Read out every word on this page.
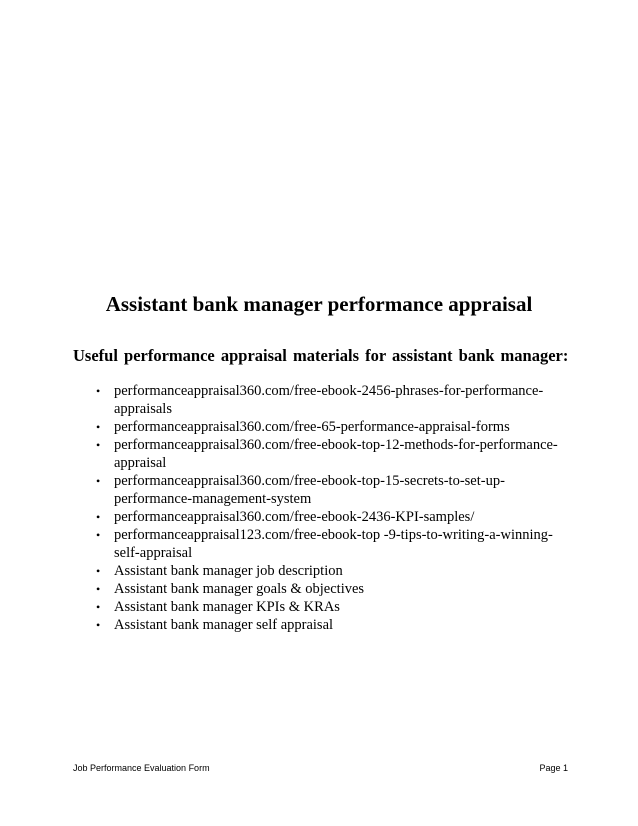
Assistant bank manager performance appraisal

Useful performance appraisal materials for assistant bank manager:

• performanceappraisal360.com/free-ebook-2456-phrases-for-performance-appraisals
• performanceappraisal360.com/free-65-performance-appraisal-forms
• performanceappraisal360.com/free-ebook-top-12-methods-for-performance-appraisal
• performanceappraisal360.com/free-ebook-top-15-secrets-to-set-up-performance-management-system
• performanceappraisal360.com/free-ebook-2436-KPI-samples/
• performanceappraisal123.com/free-ebook-top -9-tips-to-writing-a-winning-self-appraisal
• Assistant bank manager job description
• Assistant bank manager goals & objectives
• Assistant bank manager KPIs & KRAs
• Assistant bank manager self appraisal
Job Performance Evaluation Form	Page 1
